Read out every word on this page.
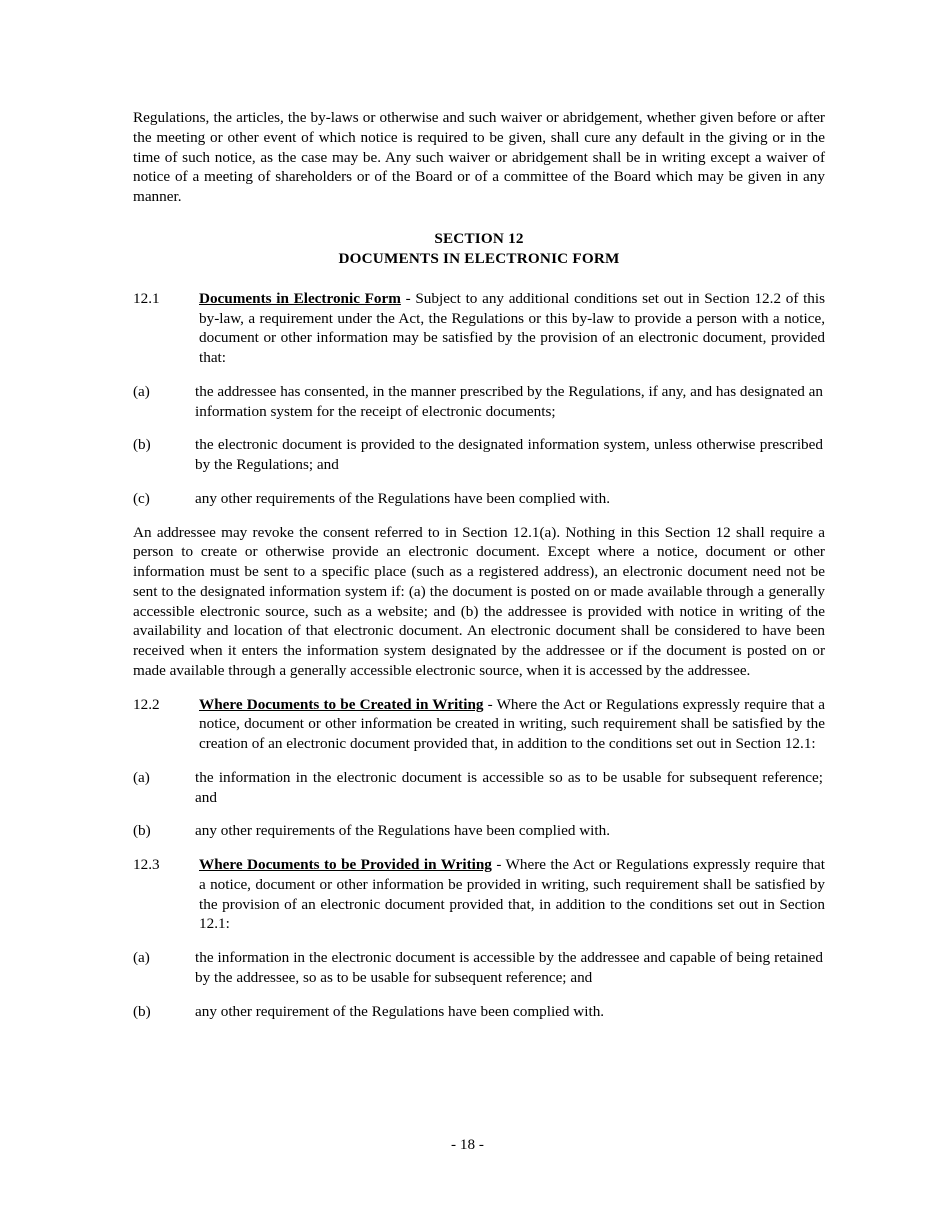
Regulations, the articles, the by-laws or otherwise and such waiver or abridgement, whether given before or after the meeting or other event of which notice is required to be given, shall cure any default in the giving or in the time of such notice, as the case may be. Any such waiver or abridgement shall be in writing except a waiver of notice of a meeting of shareholders or of the Board or of a committee of the Board which may be given in any manner.

SECTION 12
DOCUMENTS IN ELECTRONIC FORM
12.1	Documents in Electronic Form - Subject to any additional conditions set out in Section 12.2 of this by-law, a requirement under the Act, the Regulations or this by-law to provide a person with a notice, document or other information may be satisfied by the provision of an electronic document, provided that:
(a)	the addressee has consented, in the manner prescribed by the Regulations, if any, and has designated an information system for the receipt of electronic documents;
(b)	the electronic document is provided to the designated information system, unless otherwise prescribed by the Regulations; and
(c)	any other requirements of the Regulations have been complied with.

An addressee may revoke the consent referred to in Section 12.1(a). Nothing in this Section 12 shall require a person to create or otherwise provide an electronic document. Except where a notice, document or other information must be sent to a specific place (such as a registered address), an electronic document need not be sent to the designated information system if: (a) the document is posted on or made available through a generally accessible electronic source, such as a website; and (b) the addressee is provided with notice in writing of the availability and location of that electronic document. An electronic document shall be considered to have been received when it enters the information system designated by the addressee or if the document is posted on or made available through a generally accessible electronic source, when it is accessed by the addressee.

12.2	Where Documents to be Created in Writing - Where the Act or Regulations expressly require that a notice, document or other information be created in writing, such requirement shall be satisfied by the creation of an electronic document provided that, in addition to the conditions set out in Section 12.1:
(a)	the information in the electronic document is accessible so as to be usable for subsequent reference; and
(b)	any other requirements of the Regulations have been complied with.
12.3	Where Documents to be Provided in Writing - Where the Act or Regulations expressly require that a notice, document or other information be provided in writing, such requirement shall be satisfied by the provision of an electronic document provided that, in addition to the conditions set out in Section 12.1:
(a)	the information in the electronic document is accessible by the addressee and capable of being retained by the addressee, so as to be usable for subsequent reference; and
(b)	any other requirement of the Regulations have been complied with.
- 18 -
